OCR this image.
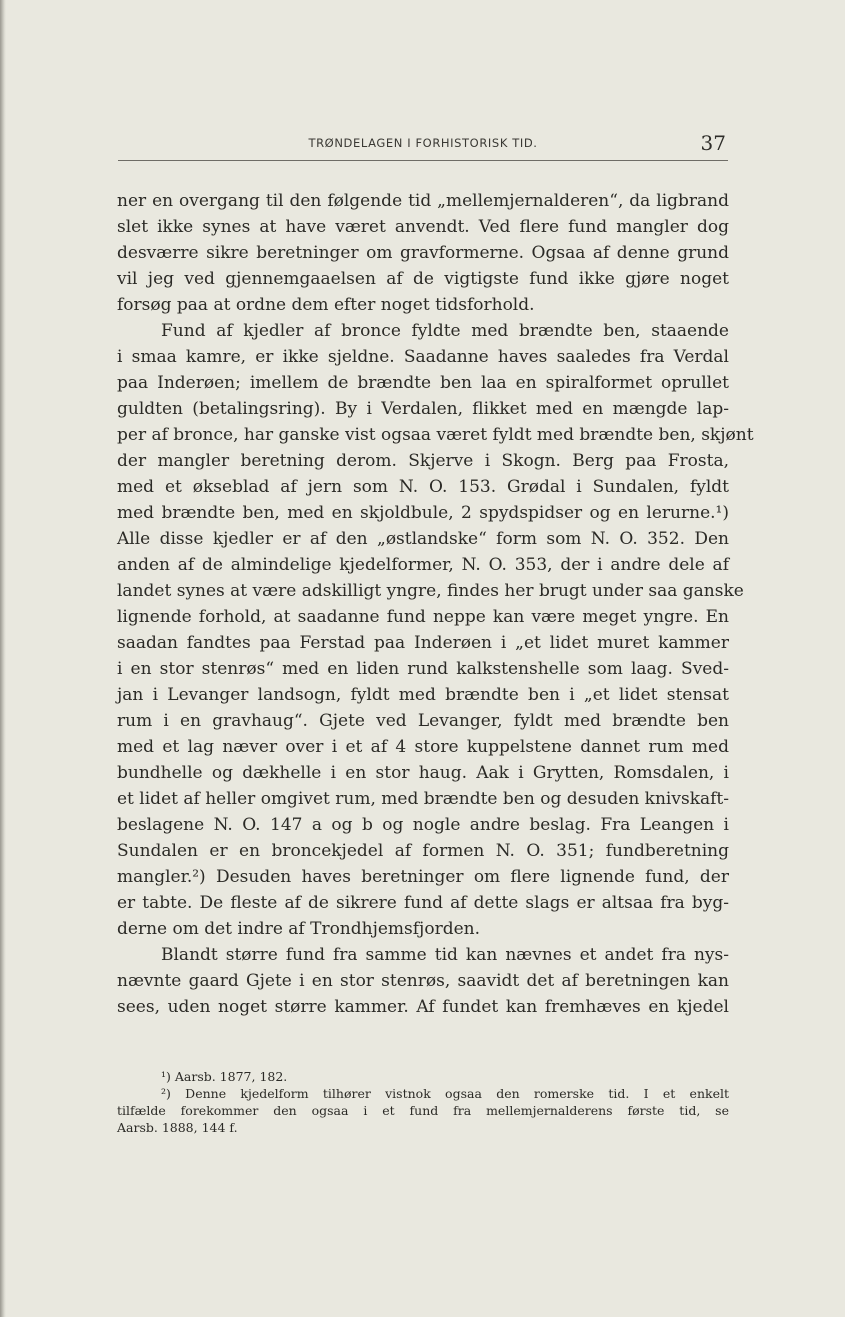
TRØNDELAGEN I FORHISTORISK TID.	37
ner en overgang til den følgende tid „mellemjernalderen“, da ligbrand
slet ikke synes at have været anvendt. Ved flere fund mangler dog
desværre sikre beretninger om gravformerne. Ogsaa af denne grund
vil jeg ved gjennemgaaelsen af de vigtigste fund ikke gjøre noget
forsøg paa at ordne dem efter noget tidsforhold.
Fund af kjedler af bronce fyldte med brændte ben, staaende
i smaa kamre, er ikke sjeldne. Saadanne haves saaledes fra Verdal
paa Inderøen; imellem de brændte ben laa en spiralformet oprullet
guldten (betalingsring). By i Verdalen, flikket med en mængde lap-
per af bronce, har ganske vist ogsaa været fyldt med brændte ben, skjønt
der mangler beretning derom. Skjerve i Skogn. Berg paa Frosta,
med et økseblad af jern som N. O. 153. Grødal i Sundalen, fyldt
med brændte ben, med en skjoldbule, 2 spydspidser og en lerurne.¹)
Alle disse kjedler er af den „østlandske“ form som N. O. 352. Den
anden af de almindelige kjedelformer, N. O. 353, der i andre dele af
landet synes at være adskilligt yngre, findes her brugt under saa ganske
lignende forhold, at saadanne fund neppe kan være meget yngre. En
saadan fandtes paa Ferstad paa Inderøen i „et lidet muret kammer
i en stor stenrøs“ med en liden rund kalkstenshelle som laag. Sved-
jan i Levanger landsogn, fyldt med brændte ben i „et lidet stensat
rum i en gravhaug“. Gjete ved Levanger, fyldt med brændte ben
med et lag næver over i et af 4 store kuppelstene dannet rum med
bundhelle og dækhelle i en stor haug. Aak i Grytten, Romsdalen, i
et lidet af heller omgivet rum, med brændte ben og desuden knivskaft-
beslagene N. O. 147 a og b og nogle andre beslag. Fra Leangen i
Sundalen er en broncekjedel af formen N. O. 351; fundberetning
mangler.²) Desuden haves beretninger om flere lignende fund, der
er tabte. De fleste af de sikrere fund af dette slags er altsaa fra byg-
derne om det indre af Trondhjemsfjorden.
Blandt større fund fra samme tid kan nævnes et andet fra nys-
nævnte gaard Gjete i en stor stenrøs, saavidt det af beretningen kan
sees, uden noget større kammer. Af fundet kan fremhæves en kjedel
¹) Aarsb. 1877, 182.
²) Denne kjedelform tilhører vistnok ogsaa den romerske tid. I et enkelt
tilfælde forekommer den ogsaa i et fund fra mellemjernalderens første tid, se
Aarsb. 1888, 144 f.
